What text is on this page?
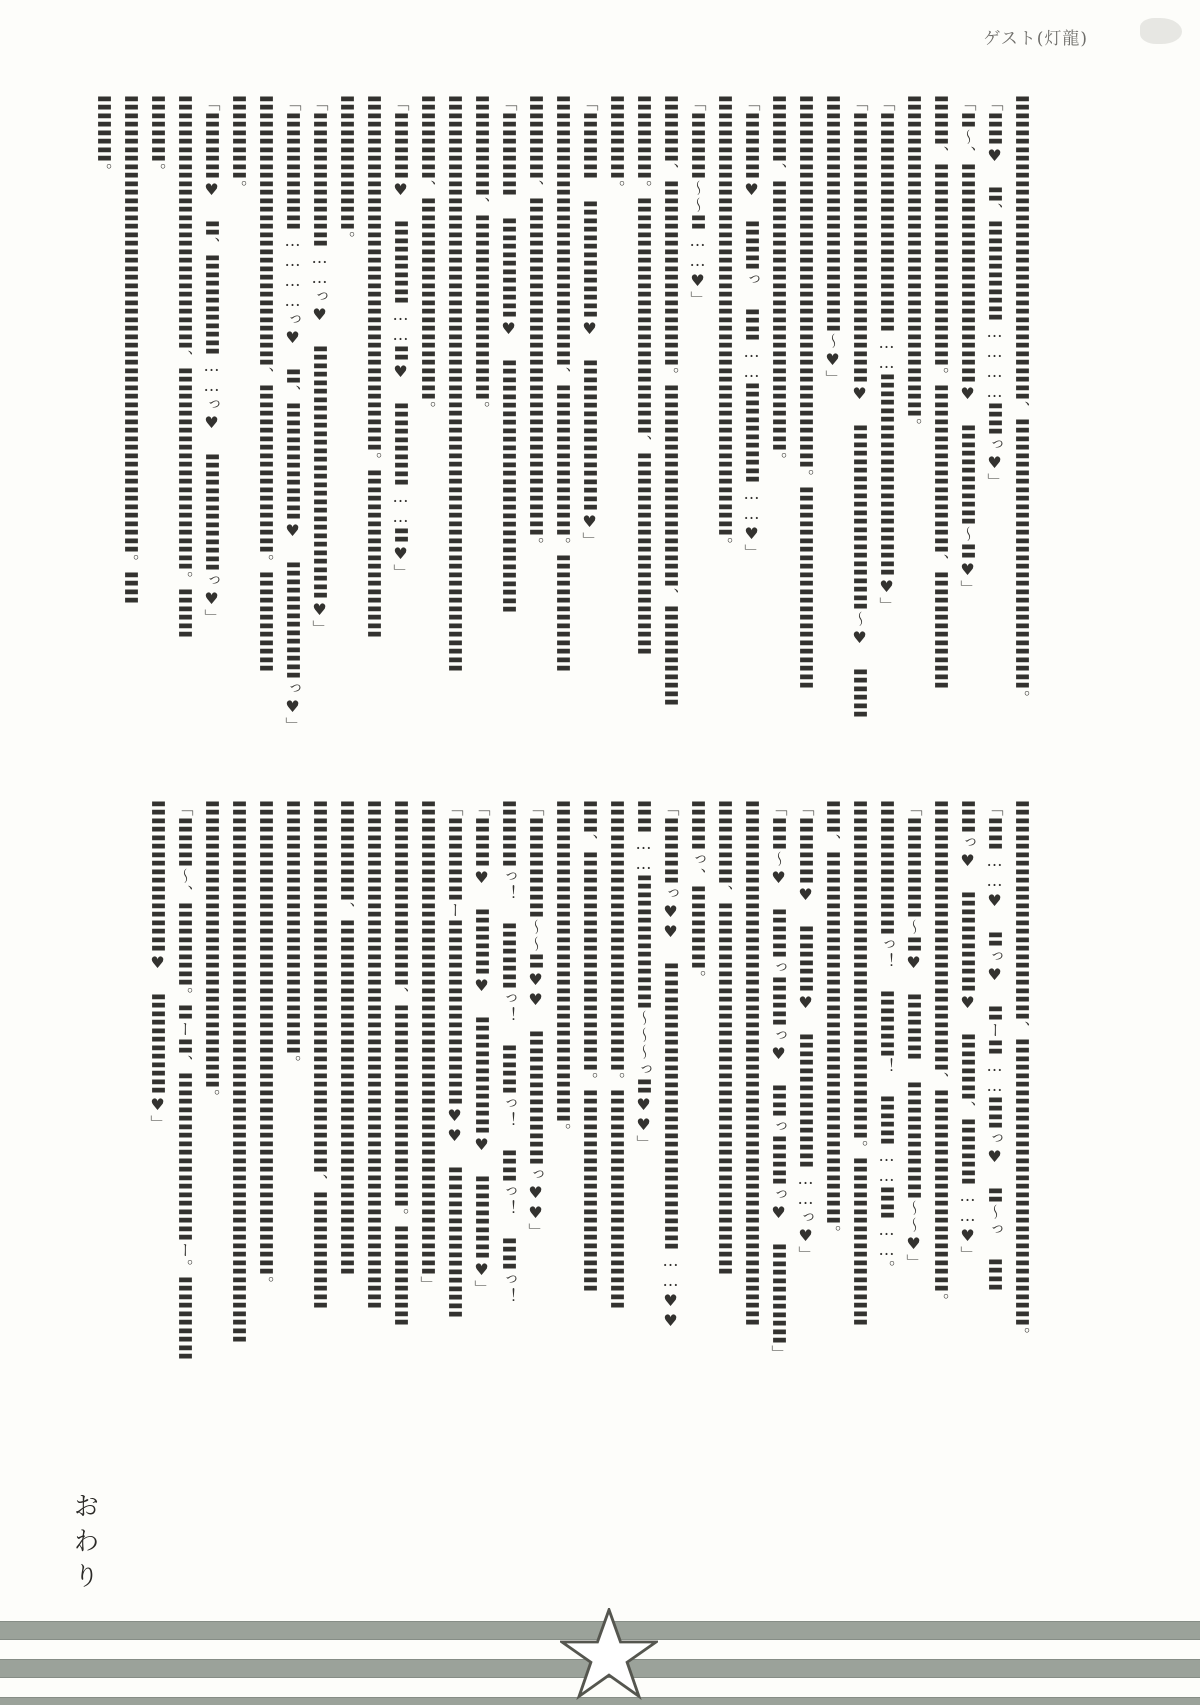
ゲスト(灯龍)
〓〓〓〓〓〓〓〓〓〓〓〓〓〓〓〓〓〓、〓〓〓〓〓〓〓〓〓〓〓〓〓〓〓〓。
「〓〓♥ 〓、〓〓〓〓〓〓…………〓〓っ♥」
「〓～、〓〓〓〓〓〓〓〓〓〓〓〓〓♥ 〓〓〓〓〓〓～〓♥」
〓〓〓、〓〓〓〓〓〓〓〓〓〓〓〓。〓〓〓〓〓〓〓〓〓〓、〓〓〓〓〓〓〓
〓〓〓〓〓〓〓〓〓〓〓〓〓〓〓〓〓〓〓。
「〓〓〓〓〓〓〓〓〓〓〓〓〓……〓〓〓〓〓〓〓〓〓〓〓〓♥」
「〓〓〓〓〓〓〓〓〓〓〓〓〓〓〓〓♥ 〓〓〓〓〓〓〓〓〓〓〓～♥ 〓〓〓
〓〓〓〓〓〓〓〓〓〓〓〓〓〓～♥」
〓〓〓〓〓〓〓〓〓〓〓〓〓〓〓〓〓〓〓〓〓〓。〓〓〓〓〓〓〓〓〓〓〓〓
〓〓〓〓、〓〓〓〓〓〓〓〓〓〓〓〓〓〓〓〓。
「〓〓〓〓♥ 〓〓〓っ 〓〓……〓〓〓〓〓〓……♥」
〓〓〓〓〓〓〓〓〓〓〓〓〓〓〓〓〓〓〓〓〓〓〓〓〓〓。
「〓〓〓〓～～〓……♥」
〓〓〓〓、〓〓〓〓〓〓〓〓〓〓〓。〓〓〓〓〓〓〓〓〓〓〓〓、〓〓〓〓〓〓
〓〓〓〓〓。〓〓〓〓〓〓〓〓〓〓〓〓〓〓、〓〓〓〓〓〓〓〓〓〓〓〓
〓〓〓〓〓。
「〓〓〓〓 〓〓〓〓〓〓〓♥ 〓〓〓〓〓〓〓〓〓♥」
〓〓〓〓〓〓〓〓〓〓〓〓〓〓〓〓、〓〓〓〓〓〓〓〓〓。〓〓〓〓〓〓〓
〓〓〓〓〓、〓〓〓〓〓〓〓〓〓〓〓〓〓〓〓〓〓〓〓〓。
「〓〓〓〓〓 〓〓〓〓〓〓♥ 〓〓〓〓〓〓〓〓〓〓〓〓〓〓〓
〓〓〓〓〓〓、〓〓〓〓〓〓〓〓〓〓〓。
〓〓〓〓〓〓〓〓〓〓〓〓〓〓〓〓〓〓〓〓〓〓〓〓〓〓〓〓〓〓〓〓〓〓
〓〓〓〓〓、〓〓〓〓〓〓〓〓〓〓〓〓。
「〓〓〓〓♥ 〓〓〓〓〓……〓♥ 〓〓〓〓〓……〓♥」
〓〓〓〓〓〓〓〓〓〓〓〓〓〓〓〓〓〓〓〓〓。〓〓〓〓〓〓〓〓〓〓
〓〓〓〓〓〓〓〓。
「〓〓〓〓〓〓〓〓……っ♥ 〓〓〓〓〓〓〓〓〓〓〓〓〓〓〓♥」
「〓〓〓〓〓〓〓…………っ♥ 〓、〓〓〓〓〓〓〓♥ 〓〓〓〓〓〓〓っ♥」
〓〓〓〓〓〓〓〓〓〓〓〓〓〓〓〓、〓〓〓〓〓〓〓〓〓〓。〓〓〓〓〓〓
〓〓〓〓〓。
「〓〓〓〓♥ 〓、〓〓〓〓〓〓……っ♥ 〓〓〓〓〓〓〓っ♥」
〓〓〓〓〓〓〓〓〓〓〓〓〓〓〓、〓〓〓〓〓〓〓〓〓〓〓〓。〓〓〓
〓〓〓〓。
〓〓〓〓〓〓〓〓〓〓〓〓〓〓〓〓〓〓〓〓〓〓〓〓〓〓〓。〓〓
〓〓〓〓。
〓〓〓〓〓〓〓〓〓〓〓〓〓、〓〓〓〓〓〓〓〓〓〓〓〓〓〓〓〓〓。
「〓〓……♥ 〓っ♥ 〓ー〓……〓〓っ♥ 〓～っ 〓〓
〓〓っ♥ 〓〓〓〓〓〓♥ 〓〓〓〓、〓〓〓〓……♥」
〓〓〓〓〓〓〓〓〓〓〓〓〓〓〓〓、〓〓〓〓〓〓〓〓〓〓〓〓。
「〓〓〓〓〓〓～〓♥ 〓〓〓〓 〓〓〓〓〓〓〓～～♥」
〓〓〓〓〓〓〓〓っ！ 〓〓〓〓！ 〓〓〓……〓〓……。
〓〓〓〓〓〓〓〓〓〓〓〓〓〓〓〓〓〓〓〓。〓〓〓〓〓〓〓〓〓〓
〓〓、〓〓〓〓〓〓〓〓〓〓〓〓〓〓〓〓〓〓〓〓〓〓。
「〓〓〓〓♥ 〓〓〓〓♥ 〓〓〓〓〓〓〓〓……っ♥」
「〓〓～♥ 〓〓〓っ〓〓〓っ♥ 〓〓っ〓〓〓っ♥ 〓〓〓〓〓〓」
〓〓〓〓〓〓〓〓〓〓〓〓〓〓〓〓〓〓〓〓〓〓〓〓〓〓〓〓〓〓〓
〓〓〓〓〓、〓〓〓〓〓〓〓〓〓〓〓〓〓〓〓〓〓〓〓〓〓〓
〓〓〓っ、〓〓〓〓〓。
「〓〓〓〓っ♥♥ 〓〓〓〓〓〓〓〓〓〓〓〓〓〓〓〓〓……♥♥
〓〓……〓〓〓〓〓〓〓〓～～～っ〓♥♥」
〓〓〓〓〓〓〓〓〓〓〓〓〓〓〓〓。〓〓〓〓〓〓〓〓〓〓〓〓〓
〓〓、〓〓〓〓〓〓〓〓〓〓〓〓〓。〓〓〓〓〓〓〓〓〓〓〓〓
〓〓〓〓〓〓〓〓〓〓〓〓〓〓〓〓〓〓〓。
「〓〓〓〓〓〓～～〓♥♥ 〓〓〓〓〓〓〓〓っ♥♥」
〓〓〓〓っ！ 〓〓〓〓っ！ 〓〓〓っ！ 〓〓っ！ 〓〓っ！
「〓〓〓♥ 〓〓〓〓♥ 〓〓〓〓〓〓〓♥ 〓〓〓〓〓♥」
「〓〓〓〓〓ー〓〓〓〓〓〓〓〓〓〓〓♥♥ 〓〓〓〓〓〓〓〓〓
〓〓〓〓〓〓〓〓〓〓〓〓〓〓〓〓〓〓〓〓〓〓〓〓〓〓〓〓」
〓〓〓〓〓〓〓〓〓〓〓、〓〓〓〓〓〓〓〓〓〓〓〓。〓〓〓〓〓〓
〓〓〓〓〓〓〓〓〓〓〓〓〓〓〓〓〓〓〓〓〓〓〓〓〓〓〓〓〓〓
〓〓〓〓〓〓、〓〓〓〓〓〓〓〓〓〓〓〓〓〓〓〓〓〓〓〓〓
〓〓〓〓〓〓〓〓〓〓〓〓〓〓〓〓〓〓〓〓〓〓、〓〓〓〓〓〓〓
〓〓〓〓〓〓〓〓〓〓〓〓〓〓〓。
〓〓〓〓〓〓〓〓〓〓〓〓〓〓〓〓〓〓〓〓〓〓〓〓〓〓〓〓。
〓〓〓〓〓〓〓〓〓〓〓〓〓〓〓〓〓〓〓〓〓〓〓〓〓〓〓〓〓〓〓〓
〓〓〓〓〓〓〓〓〓〓〓〓〓〓〓〓〓。
「〓〓〓～、〓〓〓〓〓。〓ー〓、〓〓〓〓〓〓〓〓〓〓ー。〓〓〓〓〓
〓〓〓〓〓〓〓〓〓♥ 〓〓〓〓〓〓♥」
おわり
